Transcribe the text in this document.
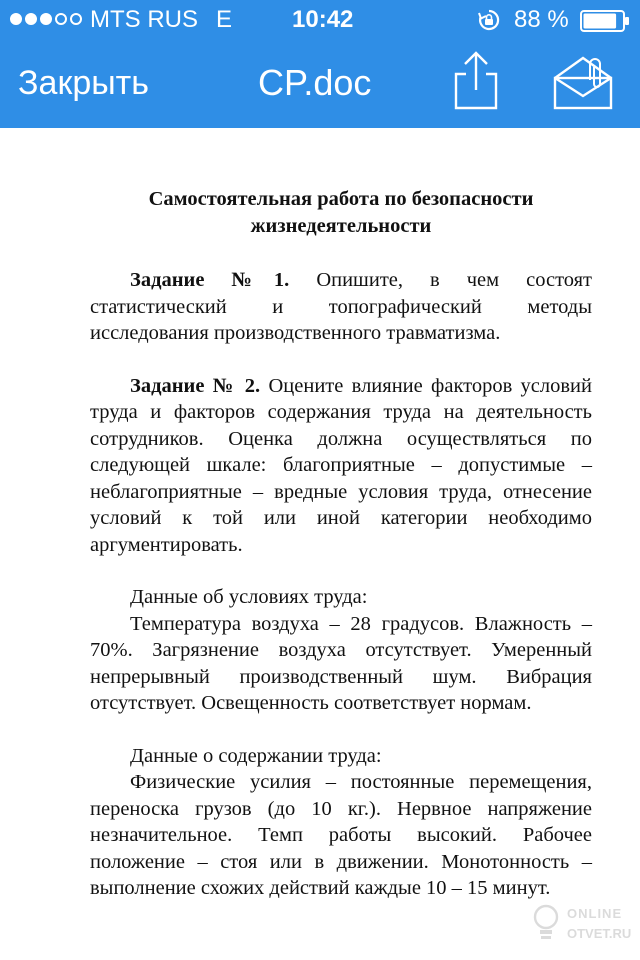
MTS RUS E 10:42	88 %
Закрыть	CP.doc
Самостоятельная работа по безопасности
жизнедеятельности

Задание №1. Опишите, в чем состоят статистический и топографический методы исследования производственного травматизма.

Задание № 2. Оцените влияние факторов условий труда и факторов содержания труда на деятельность сотрудников. Оценка должна осуществляться по следующей шкале: благоприятные – допустимые – неблагоприятные – вредные условия труда, отнесение условий к той или иной категории необходимо аргументировать.

Данные об условиях труда:

Температура воздуха – 28 градусов. Влажность – 70%. Загрязнение воздуха отсутствует. Умеренный непрерывный производственный шум. Вибрация отсутствует. Освещенность соответствует нормам.

Данные о содержании труда:

Физические усилия – постоянные перемещения, переноска грузов (до 10 кг.). Нервное напряжение незначительное. Темп работы высокий. Рабочее положение – стоя или в движении. Монотонность – выполнение схожих действий каждые 10 – 15 минут.

ONLINE
OTVET.RU
